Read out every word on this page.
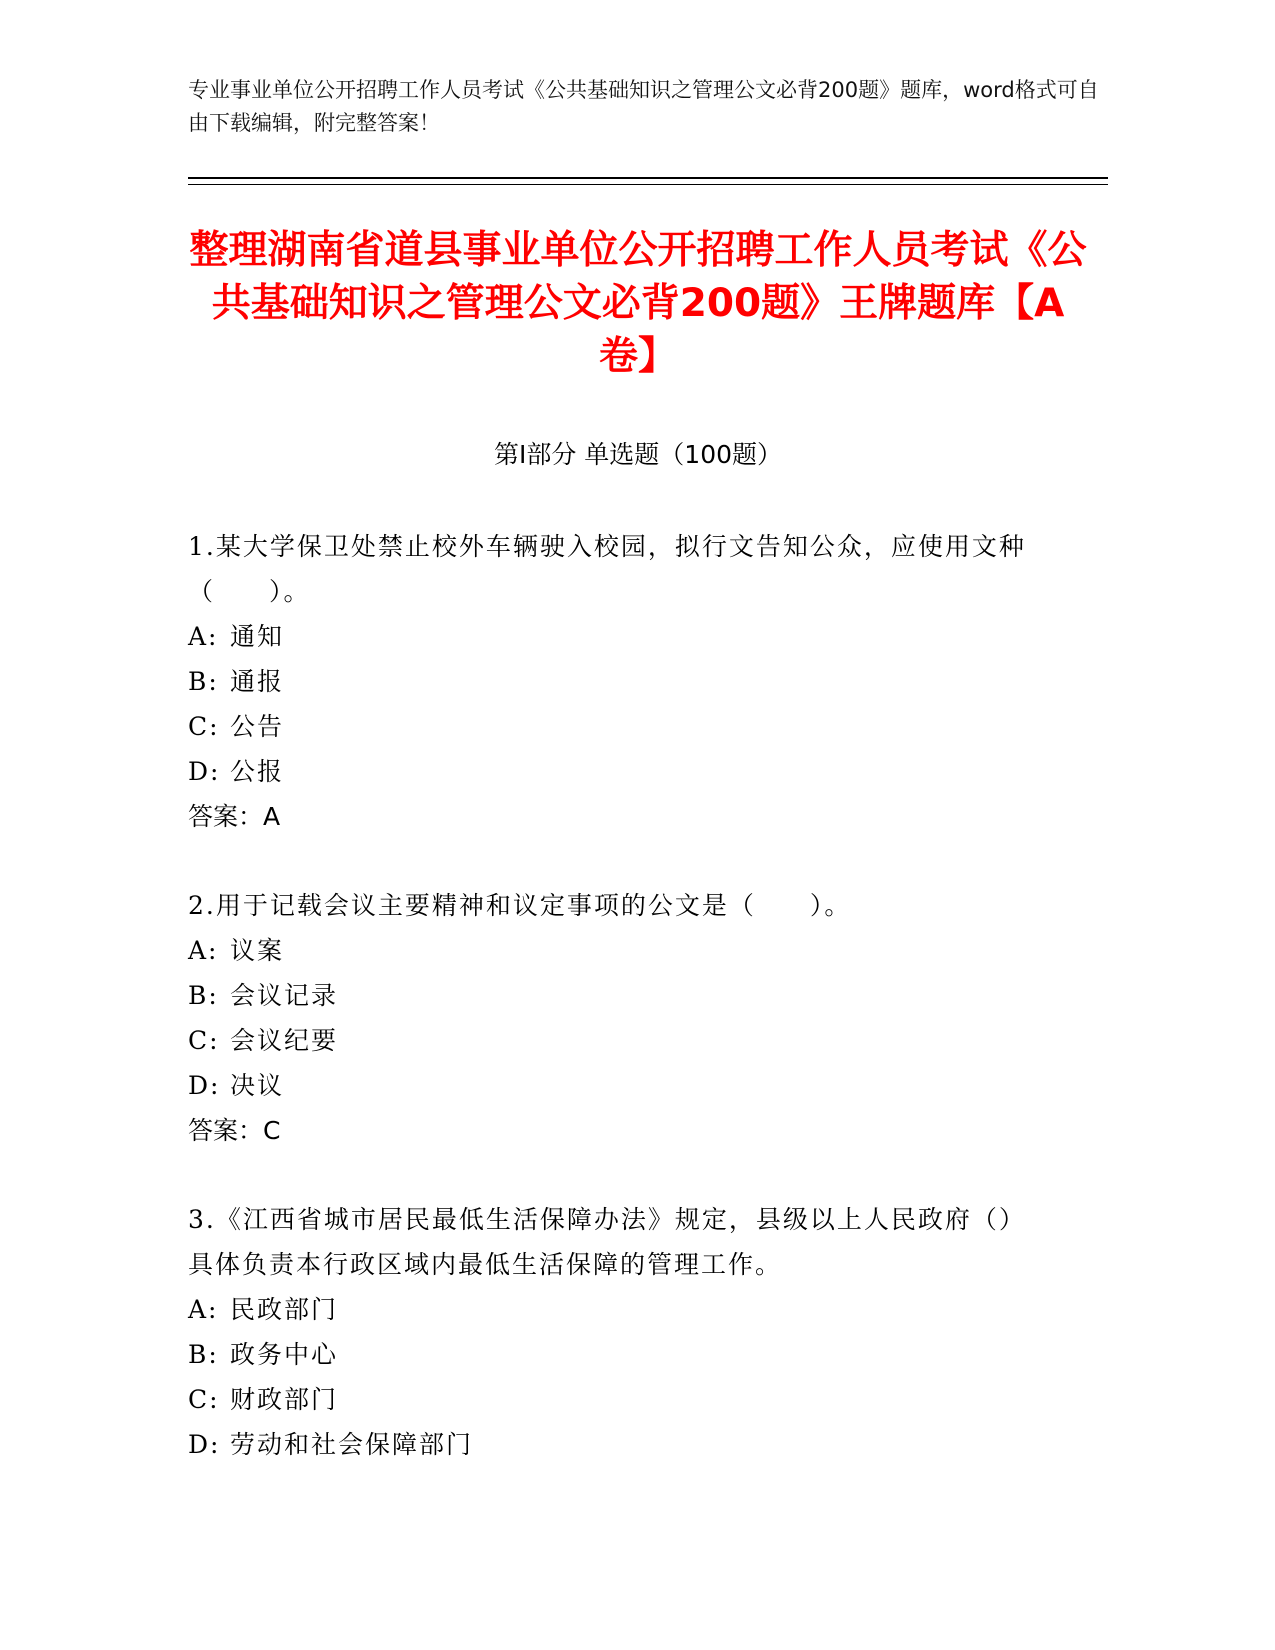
专业事业单位公开招聘工作人员考试《公共基础知识之管理公文必背200题》题库，word格式可自由下载编辑，附完整答案！
整理湖南省道县事业单位公开招聘工作人员考试《公共基础知识之管理公文必背200题》王牌题库【A卷】
第I部分 单选题（100题）
1.某大学保卫处禁止校外车辆驶入校园，拟行文告知公众，应使用文种（　　）。
A: 通知
B: 通报
C: 公告
D: 公报
答案：A
2.用于记载会议主要精神和议定事项的公文是（　　）。
A: 议案
B: 会议记录
C: 会议纪要
D: 决议
答案：C
3.《江西省城市居民最低生活保障办法》规定，县级以上人民政府（）具体负责本行政区域内最低生活保障的管理工作。
A: 民政部门
B: 政务中心
C: 财政部门
D: 劳动和社会保障部门
